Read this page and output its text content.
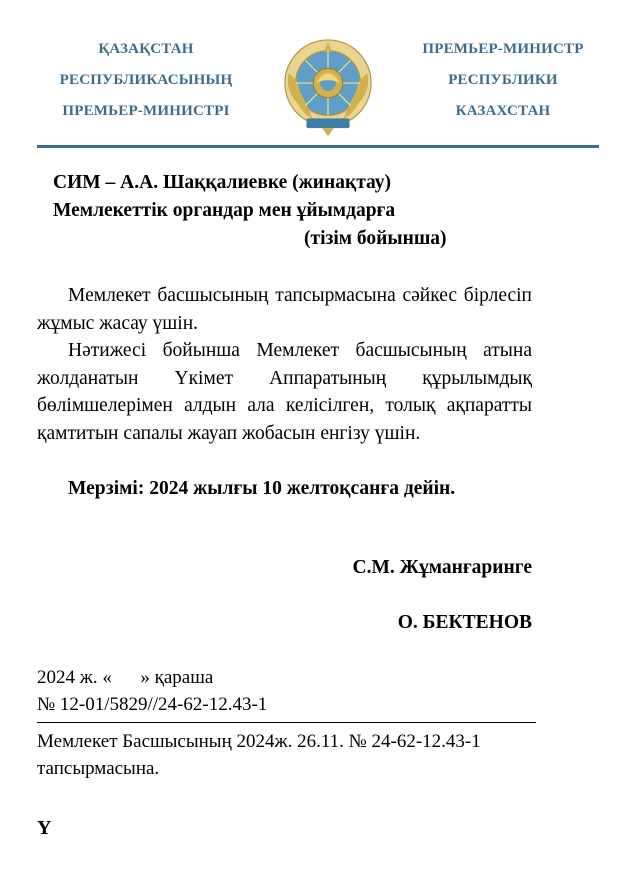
ҚАЗАҚСТАН
РЕСПУБЛИКАСЫНЫҢ
ПРЕМЬЕР-МИНИСТРІ
ПРЕМЬЕР-МИНИСТР
РЕСПУБЛИКИ
КАЗАХСТАН
СИМ – А.А. Шаққалиевке (жинақтау)
Мемлекеттік органдар мен ұйымдарға
(тізім бойынша)

Мемлекет басшысының тапсырмасына сәйкес бірлесіп жұмыс жасау үшін.

Нәтижесі бойынша Мемлекет басшысының атына жолданатын Үкімет Аппаратының құрылымдық бөлімшелерімен алдын ала келісілген, толық ақпаратты қамтитын сапалы жауап жобасын енгізу үшін.

Мерзімі: 2024 жылғы 10 желтоқсанға дейін.

С.М. Жұманғаринге
О. БЕКТЕНОВ
2024 ж. «      » қараша
№ 12-01/5829//24-62-12.43-1
Мемлекет Басшысының 2024ж. 26.11. № 24-62-12.43-1 тапсырмасына.
Ү
